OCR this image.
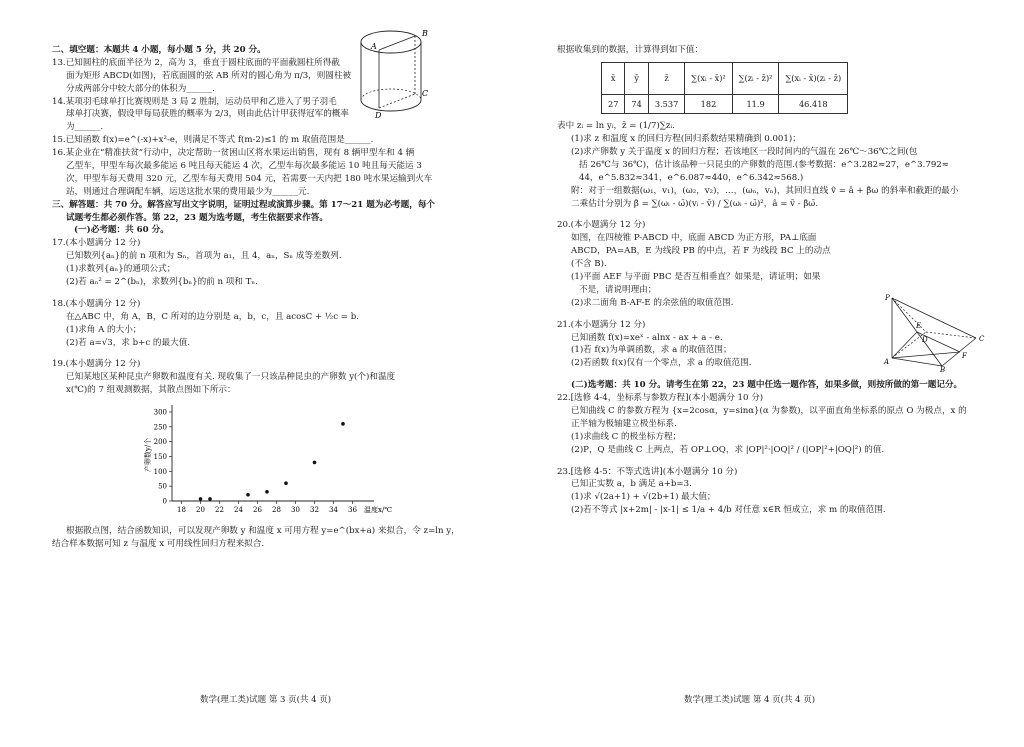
二、填空题：本题共 4 小题，每小题 5 分，共 20 分。
13.已知圆柱的底面半径为 2，高为 3，垂直于圆柱底面的平面截圆柱所得截
面为矩形 ABCD(如图)，若底面圆的弦 AB 所对的圆心角为 π/3，则圆柱被
分成两部分中较大部分的体积为______.
14.某项羽毛球单打比赛规则是 3 局 2 胜制，运动员甲和乙进入了男子羽毛
球单打决赛，假设甲每局获胜的概率为 2/3，则由此估计甲获得冠军的概率
为______.
15.已知函数 f(x)=e^(-x)+x²-e，则满足不等式 f(m-2)≤1 的 m 取值范围是______.
16.某企业在“精准扶贫”行动中，决定帮助一贫困山区将水果运出销售，现有 8 辆甲型车和 4 辆
乙型车，甲型车每次最多能运 6 吨且每天能运 4 次，乙型车每次最多能运 10 吨且每天能运 3
次，甲型车每天费用 320 元，乙型车每天费用 504 元，若需要一天内把 180 吨水果运输到火车
站，则通过合理调配车辆，运送这批水果的费用最少为______元.
三、解答题：共 70 分。解答应写出文字说明，证明过程或演算步骤。第 17～21 题为必考题，每个
试题考生都必须作答。第 22，23 题为选考题，考生依据要求作答。
(一)必考题：共 60 分。
17.(本小题满分 12 分)
已知数列{aₙ}的前 n 项和为 Sₙ，首项为 a₁，且 4，aₙ，Sₙ 成等差数列.
(1)求数列{aₙ}的通项公式；
(2)若 aₙ² = 2^(bₙ)，求数列{bₙ}的前 n 项和 Tₙ.
18.(本小题满分 12 分)
在△ABC 中，角 A，B，C 所对的边分别是 a，b，c，且 acosC + ½c = b.
(1)求角 A 的大小；
(2)若 a=√3，求 b+c 的最大值.
19.(本小题满分 12 分)
已知某地区某种昆虫产卵数和温度有关. 现收集了一只该品种昆虫的产卵数 y(个)和温度
x(℃)的 7 组观测数据，其散点图如下所示：
0
50
100
150
200
250
300
18 20 22 24 26 28 30 32 34 36 温度x/℃
产卵数y/个
根据散点图，结合函数知识，可以发现产卵数 y 和温度 x 可用方程 y=e^(bx+a) 来拟合，令 z=ln y，
结合样本数据可知 z 与温度 x 可用线性回归方程来拟合.
A
B
C
D
数学(理工类)试题 第 3 页(共 4 页)
根据收集到的数据，计算得到如下值：
x̄	ȳ	z̄	∑(xᵢ - x̄)²	∑(zᵢ - z̄)²	∑(xᵢ - x̄)(zᵢ - z̄)
27	74	3.537	182	11.9	46.418
表中 zᵢ = ln yᵢ，z̄ = (1/7)∑zᵢ.
(1)求 z 和温度 x 的回归方程(回归系数结果精确到 0.001)；
(2)求产卵数 y 关于温度 x 的回归方程；若该地区一段时间内的气温在 26℃～36℃之间(包
括 26℃与 36℃)，估计该品种一只昆虫的产卵数的范围.(参考数据：e^3.282≈27，e^3.792≈
44，e^5.832≈341，e^6.087≈440，e^6.342≈568.)
附：对于一组数据(ω₁，v₁)，(ω₂，v₂)，…，(ωₙ，vₙ)，其回归直线 v̂ = â + β̂ω 的斜率和截距的最小
二乘估计分别为 β̂ = ∑(ωᵢ - ω̄)(vᵢ - v̄) / ∑(ωᵢ - ω̄)²，â = v̄ - β̂ω̄.
20.(本小题满分 12 分)
如图，在四棱锥 P-ABCD 中，底面 ABCD 为正方形，PA⊥底面
ABCD，PA=AB，E 为线段 PB 的中点，若 F 为线段 BC 上的动点
(不含 B).
(1)平面 AEF 与平面 PBC 是否互相垂直？如果是，请证明；如果
不是，请说明理由；
(2)求二面角 B-AF-E 的余弦值的取值范围.
21.(本小题满分 12 分)
已知函数 f(x)=xeˣ - alnx - ax + a - e.
(1)若 f(x)为单调函数，求 a 的取值范围；
(2)若函数 f(x)仅有一个零点，求 a 的取值范围.
(二)选考题：共 10 分。请考生在第 22，23 题中任选一题作答，如果多做，则按所做的第一题记分。
22.[选修 4-4，坐标系与参数方程](本小题满分 10 分)
已知曲线 C 的参数方程为 {x=2cosα，y=sinα}(α 为参数)，以平面直角坐标系的原点 O 为极点，x 的
正半轴为极轴建立极坐标系.
(1)求曲线 C 的极坐标方程；
(2)P，Q 是曲线 C 上两点，若 OP⊥OQ，求 |OP|²·|OQ|² / (|OP|²+|OQ|²) 的值.
23.[选修 4-5：不等式选讲](本小题满分 10 分)
已知正实数 a，b 满足 a+b=3.
(1)求 √(2a+1) + √(2b+1) 最大值；
(2)若不等式 |x+2m| - |x-1| ≤ 1/a + 4/b 对任意 x∈R 恒成立，求 m 的取值范围.
P
E
D
A
B
F
C
数学(理工类)试题 第 4 页(共 4 页)
